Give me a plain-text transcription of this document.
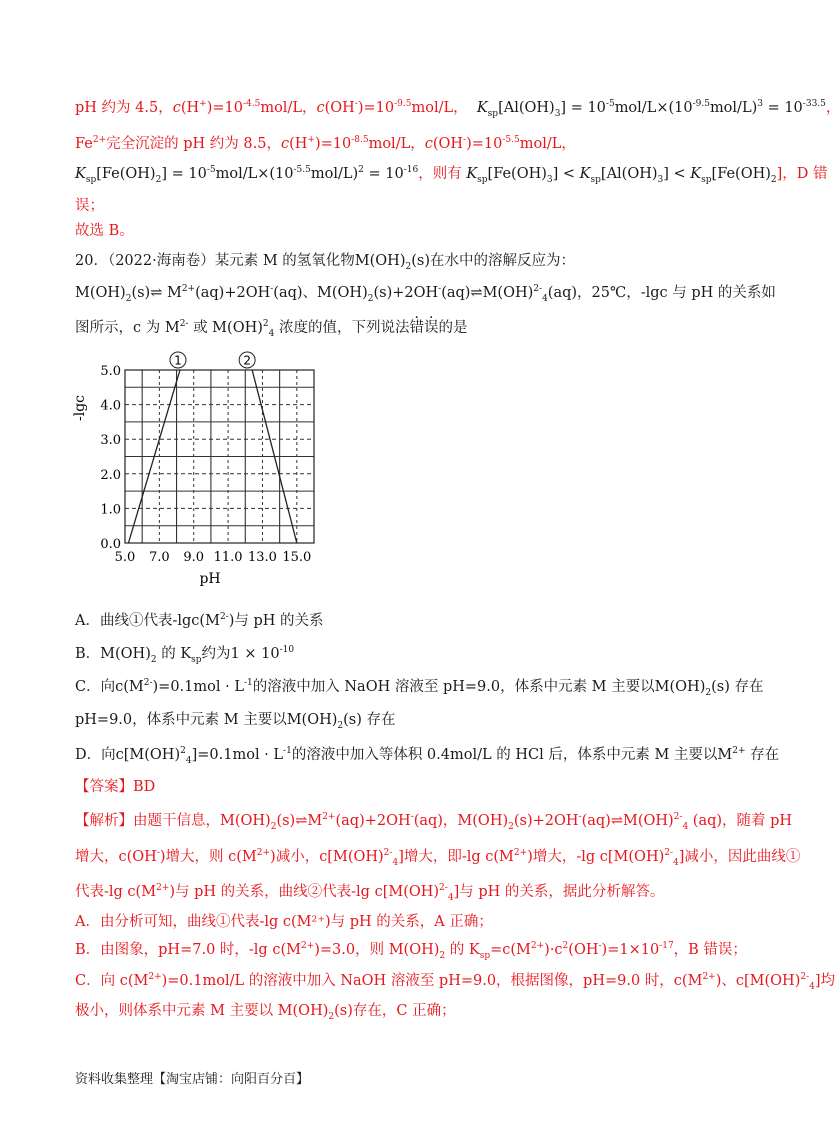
pH 约为 4.5，$c(H^+)=10^{-4.5}mol/L$，$c(OH^-)=10^{-9.5}mol/L$， $K_{sp}[Al(OH)_3] = 10^{-5}mol/L\times(10^{-9.5}mol/L)^3 = 10^{-33.5}$，
$Fe^{2+}$完全沉淀的 pH 约为 8.5，$c(H^+)=10^{-8.5}mol/L$，$c(OH^-)=10^{-5.5}mol/L$，
$K_{sp}[Fe(OH)_2] = 10^{-5}mol/L\times(10^{-5.5}mol/L)^2 = 10^{-16}$，则有 $K_{sp}[Fe(OH)_3] < K_{sp}[Al(OH)_3] < K_{sp}[Fe(OH)_2]$，D 错
误；
故选 B。
20．（2022·海南卷）某元素 M 的氢氧化物$M(OH)_2(s)$在水中的溶解反应为：
$M(OH)_2(s)\rightleftharpoons$ $M^{2+}(aq)+2OH^-(aq)$、$M(OH)_2(s)+2OH^-(aq)\rightleftharpoons M(OH)^{2-}_4(aq)$，25℃，-lgc 与 pH 的关系如
图所示，c 为 $M^{2-}$ 或 M(OH)$^2_4$ 浓度的值，下列说法错误的是
1	2
5.0 7.0 9.0 11.0 13.0 15.0
0.0
1.0
2.0
3.0
4.0
5.0
-lgc
pH
A．曲线①代表$-\lg c(M^{2-})$与 pH 的关系
B．$M(OH)_2$ 的 $K_{sp}$约为$1 \times 10^{-10}$
C．向$c(M^{2-})=0.1mol \cdot L^{-1}$的溶液中加入 NaOH 溶液至 pH=9.0，体系中元素 M 主要以$M(OH)_2(s)$ 存在
pH=9.0，体系中元素 M 主要以$M(OH)_2(s)$ 存在
D．向$c[M(OH)^2_4]=0.1mol \cdot L^{-1}$的溶液中加入等体积 0.4mol/L 的 HCl 后，体系中元素 M 主要以$M^{2+}$ 存在
【答案】BD
【解析】由题干信息，$M(OH)_2(s)\rightleftharpoons M^{2+}(aq)+2OH^-(aq)$，$M(OH)_2(s)+2OH^-(aq)\rightleftharpoons M(OH)^{2-}_4$ (aq)，随着 pH
增大，c(OH-)增大，则 $c(M^{2+})$减小，c[M(OH)$^{2-}_4$]增大，即-lg $c(M^{2+})$增大，-lg c[M(OH)$^{2-}_4$]减小，因此曲线①
代表-lg $c(M^{2+})$与 pH 的关系，曲线②代表-lg c[M(OH)$^{2-}_4$]与 pH 的关系，据此分析解答。
A．由分析可知，曲线①代表-lg c(M²⁺)与 pH 的关系，A 正确；
B．由图象，pH=7.0 时，-lg $c(M^{2+})=3.0$，则 $M(OH)_2$ 的 $K_{sp}=c(M^{2+})\cdot c^2(OH^-)=1\times 10^{-17}$，B 错误；
C．向 $c(M^{2+})=0.1mol/L$ 的溶液中加入 NaOH 溶液至 pH=9.0，根据图像，pH=9.0 时，$c(M^{2+})$、c[M(OH)$^{2-}_4$]均
极小，则体系中元素 M 主要以 $M(OH)_2(s)$存在，C 正确；
资料收集整理【淘宝店铺：向阳百分百】
